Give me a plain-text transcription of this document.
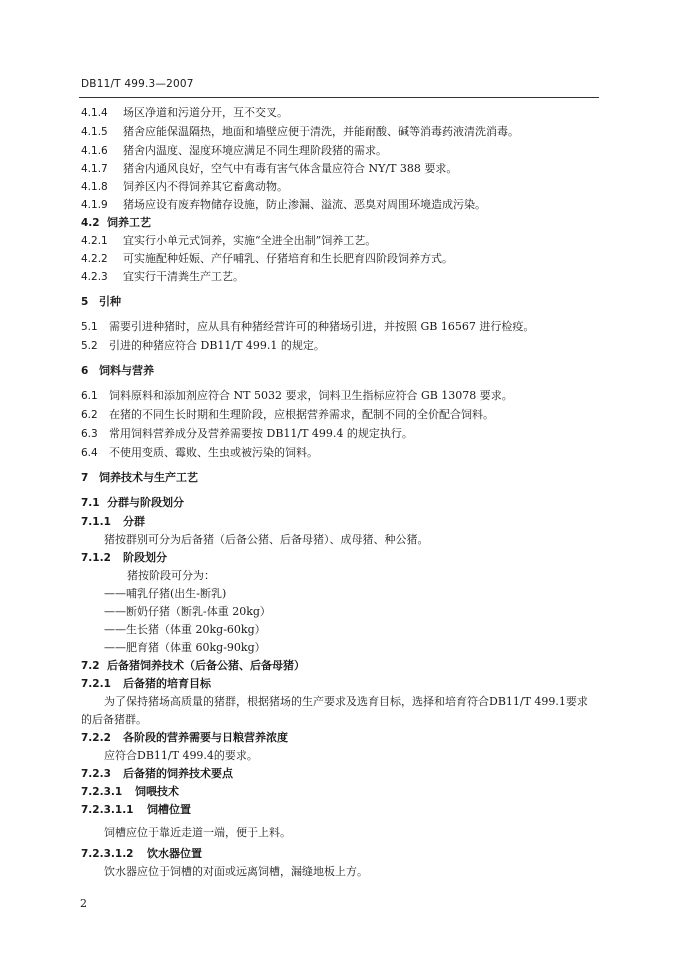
DB11/T 499.3—2007
4.1.4 场区净道和污道分开，互不交叉。
4.1.5 猪舍应能保温隔热，地面和墙壁应便于清洗，并能耐酸、碱等消毒药液清洗消毒。
4.1.6 猪舍内温度、湿度环境应满足不同生理阶段猪的需求。
4.1.7 猪舍内通风良好，空气中有毒有害气体含量应符合 NY/T 388 要求。
4.1.8 饲养区内不得饲养其它畜禽动物。
4.1.9 猪场应设有废弃物储存设施，防止渗漏、溢流、恶臭对周围环境造成污染。
4.2 饲养工艺
4.2.1 宜实行小单元式饲养，实施“全进全出制”饲养工艺。
4.2.2 可实施配种妊娠、产仔哺乳、仔猪培育和生长肥育四阶段饲养方式。
4.2.3 宜实行干清粪生产工艺。
5 引种
5.1 需要引进种猪时，应从具有种猪经营许可的种猪场引进，并按照 GB 16567 进行检疫。
5.2 引进的种猪应符合 DB11/T 499.1 的规定。
6 饲料与营养
6.1 饲料原料和添加剂应符合 NT 5032 要求，饲料卫生指标应符合 GB 13078 要求。
6.2 在猪的不同生长时期和生理阶段，应根据营养需求，配制不同的全价配合饲料。
6.3 常用饲料营养成分及营养需要按 DB11/T 499.4 的规定执行。
6.4 不使用变质、霉败、生虫或被污染的饲料。
7 饲养技术与生产工艺
7.1 分群与阶段划分
7.1.1 分群
猪按群别可分为后备猪（后备公猪、后备母猪）、成母猪、种公猪。
7.1.2 阶段划分
猪按阶段可分为：
——哺乳仔猪(出生-断乳)
——断奶仔猪（断乳-体重 20kg）
——生长猪（体重 20kg-60kg）
——肥育猪（体重 60kg-90kg）
7.2 后备猪饲养技术（后备公猪、后备母猪）
7.2.1 后备猪的培育目标
为了保持猪场高质量的猪群，根据猪场的生产要求及选育目标，选择和培育符合DB11/T 499.1要求
的后备猪群。
7.2.2 各阶段的营养需要与日粮营养浓度
应符合DB11/T 499.4的要求。
7.2.3 后备猪的饲养技术要点
7.2.3.1 饲喂技术
7.2.3.1.1 饲槽位置
饲槽应位于靠近走道一端，便于上料。
7.2.3.1.2 饮水器位置
饮水器应位于饲槽的对面或远离饲槽，漏缝地板上方。
2
